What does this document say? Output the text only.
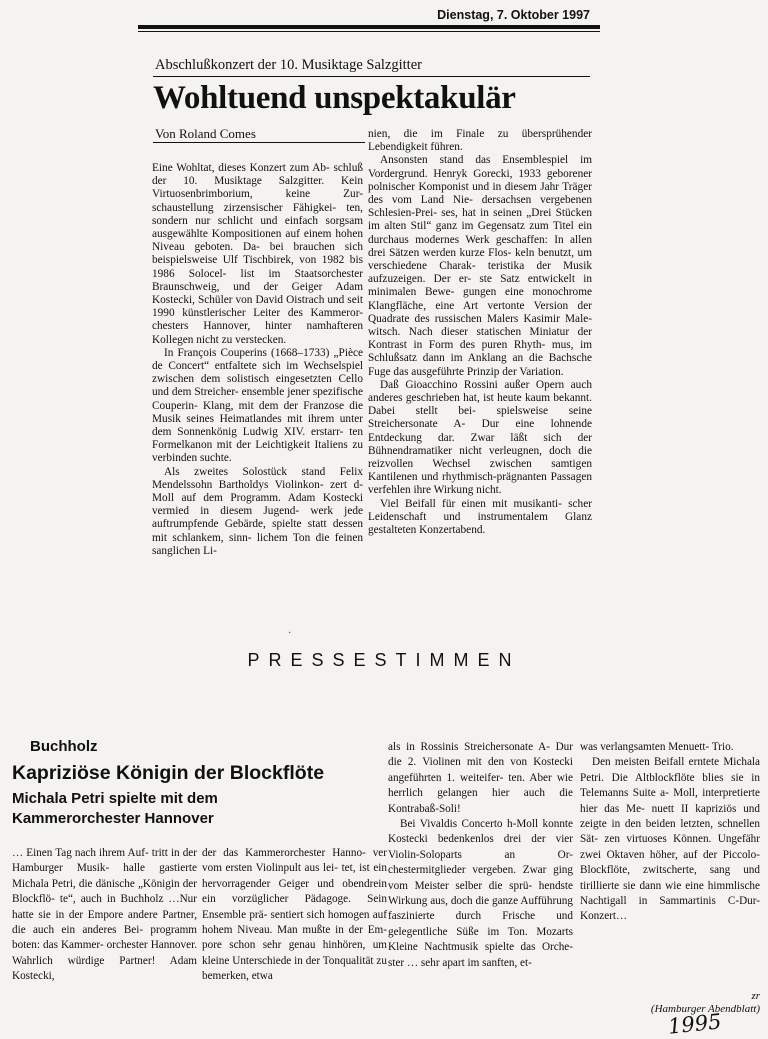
Dienstag, 7. Oktober 1997
Abschlußkonzert der 10. Musiktage Salzgitter
Wohltuend unspektakulär
Von Roland Comes

Eine Wohltat, dieses Konzert zum Ab- schluß der 10. Musiktage Salzgitter. Kein Virtuosenbrimborium, keine Zur- schaustellung zirzensischer Fähigkei- ten, sondern nur schlicht und einfach sorgsam ausgewählte Kompositionen auf einem hohen Niveau geboten. Da- bei brauchen sich beispielsweise Ulf Tischbirek, von 1982 bis 1986 Solocel- list im Staatsorchester Braunschweig, und der Geiger Adam Kostecki, Schüler von David Oistrach und seit 1990 künstlerischer Leiter des Kammeror- chesters Hannover, hinter namhafteren Kollegen nicht zu verstecken.

In François Couperins (1668–1733) „Pièce de Concert“ entfaltete sich im Wechselspiel zwischen dem solistisch eingesetzten Cello und dem Streicher- ensemble jener spezifische Couperin- Klang, mit dem der Franzose die Musik seines Heimatlandes mit ihrem unter dem Sonnenkönig Ludwig XIV. erstarr- ten Formelkanon mit der Leichtigkeit Italiens zu verbinden suchte.

Als zweites Solostück stand Felix Mendelssohn Bartholdys Violinkon- zert d-Moll auf dem Programm. Adam Kostecki vermied in diesem Jugend- werk jede auftrumpfende Gebärde, spielte statt dessen mit schlankem, sinn- lichem Ton die feinen sanglichen Li-

nien, die im Finale zu übersprühender Lebendigkeit führen.

Ansonsten stand das Ensemblespiel im Vordergrund. Henryk Gorecki, 1933 geborener polnischer Komponist und in diesem Jahr Träger des vom Land Nie- dersachsen vergebenen Schlesien-Prei- ses, hat in seinen „Drei Stücken im alten Stil“ ganz im Gegensatz zum Titel ein durchaus modernes Werk geschaffen: In allen drei Sätzen werden kurze Flos- keln benutzt, um verschiedene Charak- teristika der Musik aufzuzeigen. Der er- ste Satz entwickelt in minimalen Bewe- gungen eine monochrome Klangfläche, eine Art vertonte Version der Quadrate des russischen Malers Kasimir Male- witsch. Nach dieser statischen Miniatur der Kontrast in Form des puren Rhyth- mus, im Schlußsatz dann im Anklang an die Bachsche Fuge das ausgeführte Prinzip der Variation.

Daß Gioacchino Rossini außer Opern auch anderes geschrieben hat, ist heute kaum bekannt. Dabei stellt bei- spielsweise seine Streichersonate A- Dur eine lohnende Entdeckung dar. Zwar läßt sich der Bühnendramatiker nicht verleugnen, doch die reizvollen Wechsel zwischen samtigen Kantilenen und rhythmisch-prägnanten Passagen verfehlen ihre Wirkung nicht.

Viel Beifall für einen mit musikanti- scher Leidenschaft und instrumentalem Glanz gestalteten Konzertabend.

·
PRESSESTIMMEN
Buchholz
Kapriziöse Königin der Blockflöte
Michala Petri spielte mit dem Kammerorchester Hannover

… Einen Tag nach ihrem Auf- tritt in der Hamburger Musik- halle gastierte Michala Petri, die dänische „Königin der Blockflö- te“, auch in Buchholz …Nur hatte sie in der Empore andere Partner, die auch ein anderes Bei- programm boten: das Kammer- orchester Hannover. Wahrlich würdige Partner! Adam Kostecki,

der das Kammerorchester Hanno- ver vom ersten Violinpult aus lei- tet, ist ein hervorragender Geiger und obendrein ein vorzüglicher Pädagoge. Sein Ensemble prä- sentiert sich homogen auf hohem Niveau. Man mußte in der Em- pore schon sehr genau hinhören, um kleine Unterschiede in der Tonqualität zu bemerken, etwa

als in Rossinis Streichersonate A- Dur die 2. Violinen mit den von Kostecki angeführten 1. weiteifer- ten. Aber wie herrlich gelangen hier auch die Kontrabaß-Soli!

Bei Vivaldis Concerto h-Moll konnte Kostecki bedenkenlos drei der vier Violin-Soloparts an Or- chestermitglieder vergeben. Zwar ging vom Meister selber die sprü- hendste Wirkung aus, doch die ganze Aufführung faszinierte durch Frische und gelegentliche Süße im Ton. Mozarts Kleine Nachtmusik spielte das Orche- ster … sehr apart im sanften, et-

was verlangsamten Menuett- Trio.

Den meisten Beifall erntete Michala Petri. Die Altblockflöte blies sie in Telemanns Suite a- Moll, interpretierte hier das Me- nuett II kapriziös und zeigte in den beiden letzten, schnellen Sät- zen virtuoses Können. Ungefähr zwei Oktaven höher, auf der Piccolo-Blockflöte, zwitscherte, sang und tirillierte sie dann wie eine himmlische Nachtigall in Sammartinis C-Dur-Konzert…

zr
(Hamburger Abendblatt)
1995
